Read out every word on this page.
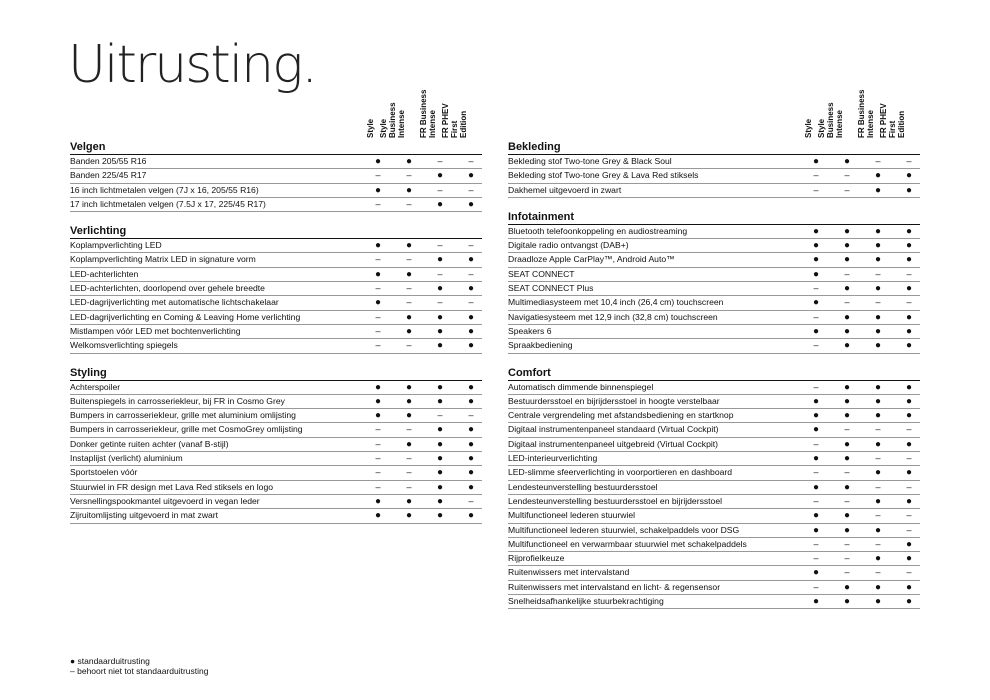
Uitrusting.
Style Style
Business
Intense FR Business
Intense FR PHEV
First
Edition
Velgen
Banden 205/55 R16	● ●	–	–
Banden 225/45 R17	–	–	● ●
16 inch lichtmetalen velgen (7J x 16, 205/55 R16)	● ●	–	–
17 inch lichtmetalen velgen (7.5J x 17, 225/45 R17)	–	–	● ●
Verlichting
Koplampverlichting LED	● ●	–	–
Koplampverlichting Matrix LED in signature vorm	–	–	● ●
LED-achterlichten	● ●	–	–
LED-achterlichten, doorlopend over gehele breedte	–	–	● ●
LED-dagrijverlichting met automatische lichtschakelaar	●	–	–	–
LED-dagrijverlichting en Coming & Leaving Home verlichting	–	● ● ●
Mistlampen vóór LED met bochtenverlichting	–	● ● ●
Welkomsverlichting spiegels	–	–	● ●
Styling
Achterspoiler	● ● ● ●
Buitenspiegels in carrosseriekleur, bij FR in Cosmo Grey	● ● ● ●
Bumpers in carrosseriekleur, grille met aluminium omlijsting	● ●	–	–
Bumpers in carrosseriekleur, grille met CosmoGrey omlijsting	–	–	● ●
Donker getinte ruiten achter (vanaf B-stijl)	–	● ● ●
Instaplijst (verlicht) aluminium	–	–	● ●
Sportstoelen vóór	–	–	● ●
Stuurwiel in FR design met Lava Red stiksels en logo	–	–	● ●
Versnellingspookmantel uitgevoerd in vegan leder	● ● ●	–
Zijruitomlijsting uitgevoerd in mat zwart	● ● ● ●
Style Style
Business
Intense FR Business
Intense FR PHEV
First
Edition
Bekleding
Bekleding stof Two-tone Grey & Black Soul	● ●	–	–
Bekleding stof Two-tone Grey & Lava Red stiksels	–	–	● ●
Dakhemel uitgevoerd in zwart	–	–	● ●
Infotainment
Bluetooth telefoonkoppeling en audiostreaming	● ● ● ●
Digitale radio ontvangst (DAB+)	● ● ● ●
Draadloze Apple CarPlay™, Android Auto™	● ● ● ●
SEAT CONNECT	●	–	–	–
SEAT CONNECT Plus	–	● ● ●
Multimediasysteem met 10,4 inch (26,4 cm) touchscreen	●	–	–	–
Navigatiesysteem met 12,9 inch (32,8 cm) touchscreen	–	● ● ●
Speakers 6	● ● ● ●
Spraakbediening	–	● ● ●
Comfort
Automatisch dimmende binnenspiegel	–	● ● ●
Bestuurdersstoel en bijrijdersstoel in hoogte verstelbaar	● ● ● ●
Centrale vergrendeling met afstandsbediening en startknop	● ● ● ●
Digitaal instrumentenpaneel standaard (Virtual Cockpit)	●	–	–	–
Digitaal instrumentenpaneel uitgebreid (Virtual Cockpit)	–	● ● ●
LED-interieurverlichting	● ●	–	–
LED-slimme sfeerverlichting in voorportieren en dashboard	–	–	● ●
Lendesteunverstelling bestuurdersstoel	● ●	–	–
Lendesteunverstelling bestuurdersstoel en bijrijdersstoel	–	–	● ●
Multifunctioneel lederen stuurwiel	● ●	–	–
Multifunctioneel lederen stuurwiel, schakelpaddels voor DSG	● ● ●	–
Multifunctioneel en verwarmbaar stuurwiel met schakelpaddels	–	–	–	●
Rijprofielkeuze	–	–	● ●
Ruitenwissers met intervalstand	●	–	–	–
Ruitenwissers met intervalstand en licht- & regensensor	–	● ● ●
Snelheidsafhankelijke stuurbekrachtiging	● ● ● ●
● standaarduitrusting
– behoort niet tot standaarduitrusting
